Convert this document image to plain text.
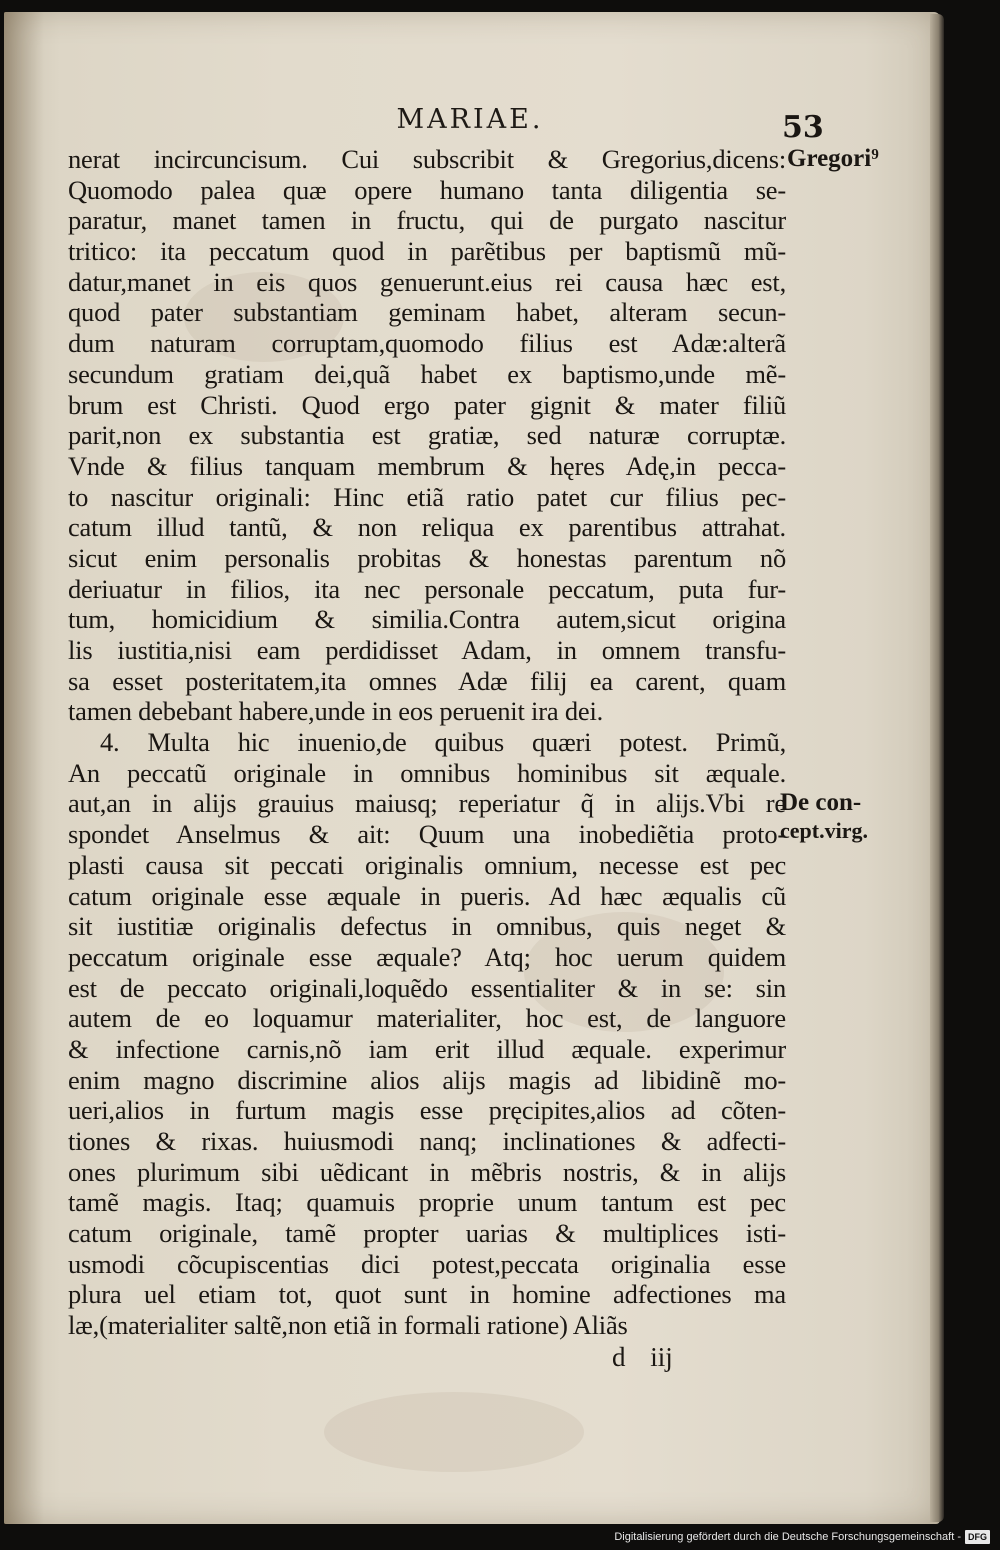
MARIAE.	53
nerat incircuncisum. Cui subscribit & Gregorius,dicens:
Quomodo palea quæ opere humano tanta diligentia se-
paratur, manet tamen in fructu, qui de purgato nascitur
tritico: ita peccatum quod in parẽtibus per baptismũ mũ-
datur,manet in eis quos genuerunt.eius rei causa hæc est,
quod pater substantiam geminam habet, alteram secun-
dum naturam corruptam,quomodo filius est Adæ:alterã
secundum gratiam dei,quã habet ex baptismo,unde mẽ-
brum est Christi. Quod ergo pater gignit & mater filiũ
parit,non ex substantia est gratiæ, sed naturæ corruptæ.
Vnde & filius tanquam membrum & hęres Adę,in pecca-
to nascitur originali: Hinc etiã ratio patet cur filius pec-
catum illud tantũ, & non reliqua ex parentibus attrahat.
sicut enim personalis probitas & honestas parentum nõ
deriuatur in filios, ita nec personale peccatum, puta fur-
tum, homicidium & similia.Contra autem,sicut origina
lis iustitia,nisi eam perdidisset Adam, in omnem transfu-
sa esset posteritatem,ita omnes Adæ filij ea carent, quam
tamen debebant habere,unde in eos peruenit ira dei.
4. Multa hic inuenio,de quibus quæri potest. Primũ,
An peccatũ originale in omnibus hominibus sit æquale.
aut,an in alijs grauius maiusq; reperiatur q̃ in alijs.Vbi re
spondet Anselmus & ait: Quum una inobediẽtia proto-
plasti causa sit peccati originalis omnium, necesse est pec
catum originale esse æquale in pueris. Ad hæc æqualis cũ
sit iustitiæ originalis defectus in omnibus, quis neget &
peccatum originale esse æquale? Atq; hoc uerum quidem
est de peccato originali,loquẽdo essentialiter & in se: sin
autem de eo loquamur materialiter, hoc est, de languore
& infectione carnis,nõ iam erit illud æquale. experimur
enim magno discrimine alios alijs magis ad libidinẽ mo-
ueri,alios in furtum magis esse pręcipites,alios ad cõten-
tiones & rixas. huiusmodi nanq; inclinationes & adfecti-
ones plurimum sibi uẽdicant in mẽbris nostris, & in alijs
tamẽ magis. Itaq; quamuis proprie unum tantum est pec
catum originale, tamẽ propter uarias & multiplices isti-
usmodi cõcupiscentias dici potest,peccata originalia esse
plura uel etiam tot, quot sunt in homine adfectiones ma
læ,(materialiter saltẽ,non etiã in formali ratione) Aliãs
Gregori⁹
De con-
cept.virg.
d iij
Digitalisierung gefördert durch die Deutsche Forschungsgemeinschaft - DFG
